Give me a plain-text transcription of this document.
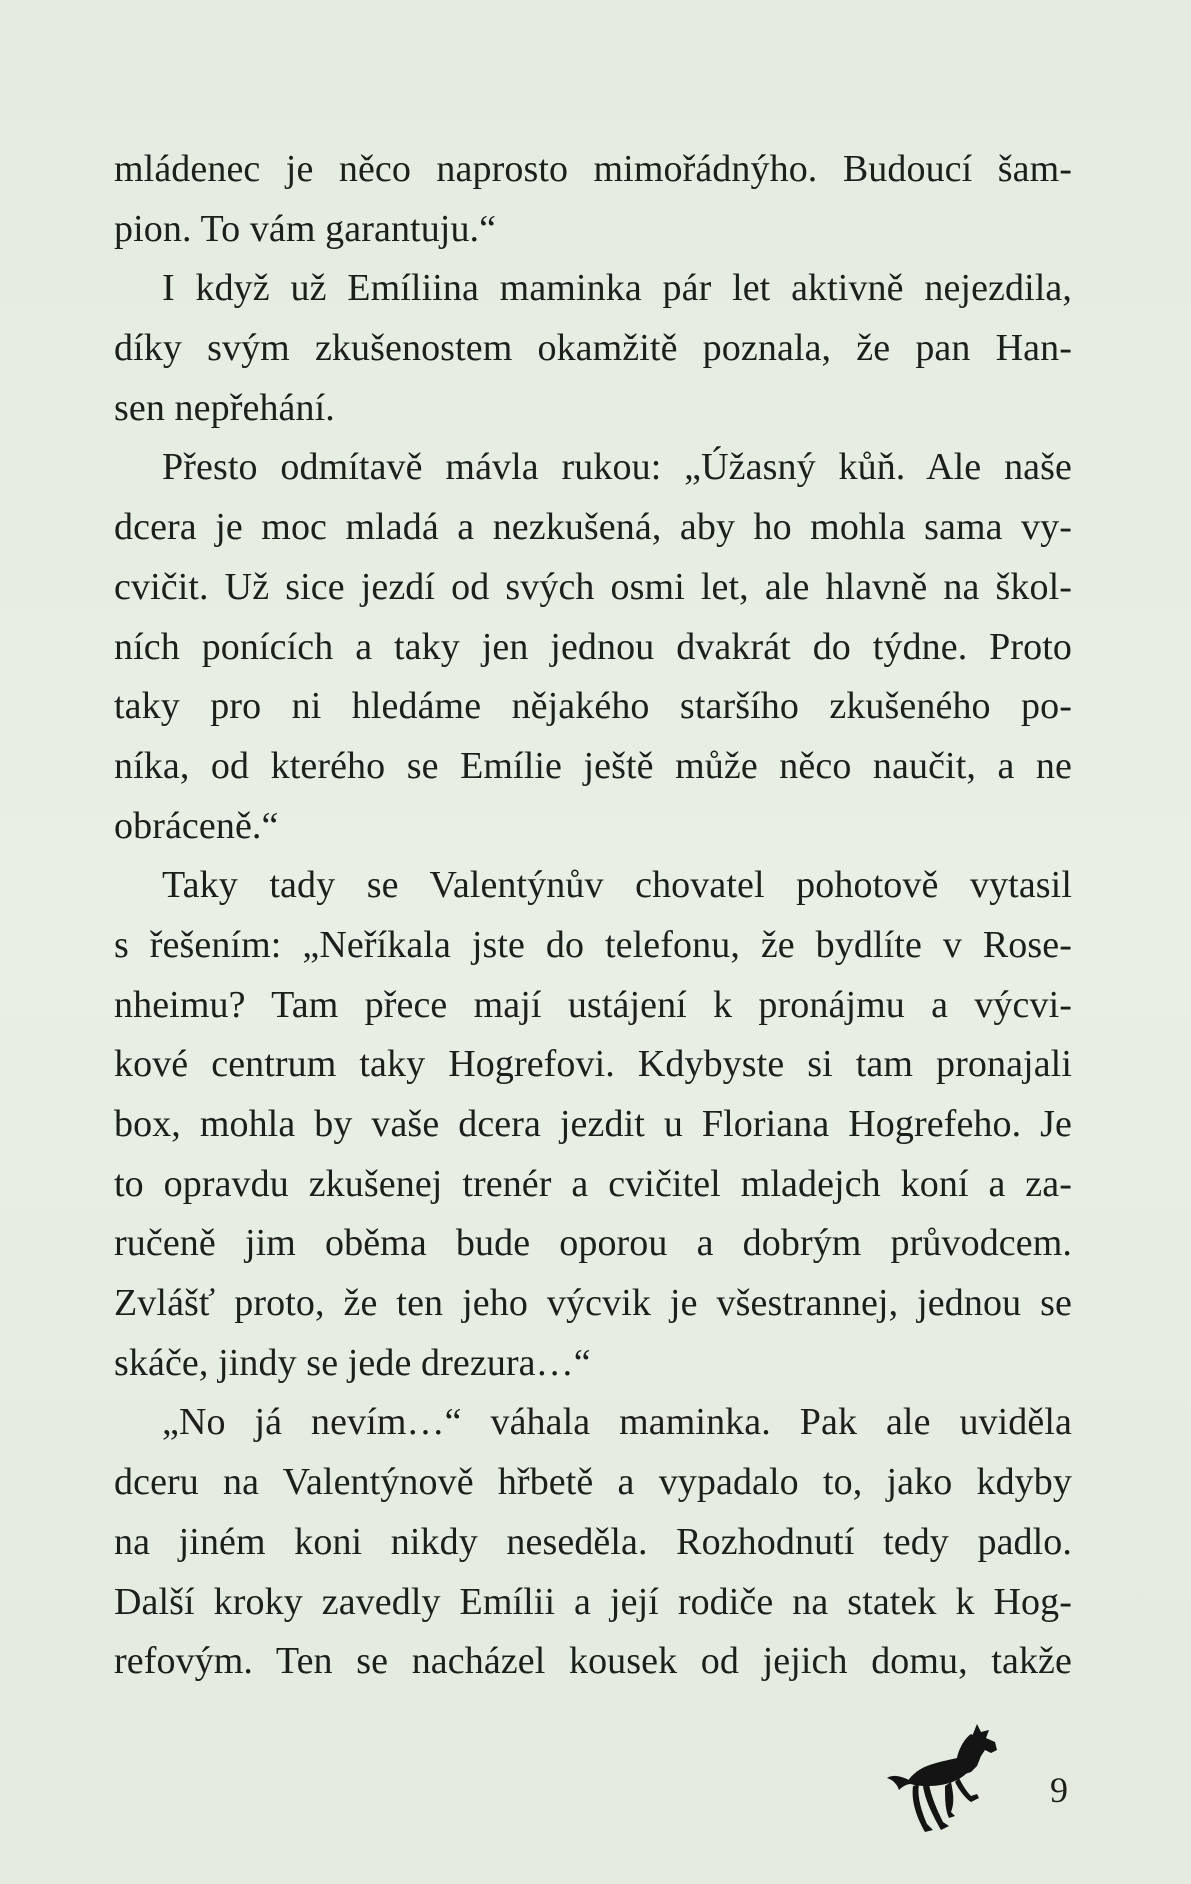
mládenec je něco naprosto mimořádnýho. Budoucí šam-
pion. To vám garantuju.“
I když už Emíliina maminka pár let aktivně nejezdila,
díky svým zkušenostem okamžitě poznala, že pan Han-
sen nepřehání.
Přesto odmítavě mávla rukou: „Úžasný kůň. Ale naše
dcera je moc mladá a nezkušená, aby ho mohla sama vy-
cvičit. Už sice jezdí od svých osmi let, ale hlavně na škol-
ních ponících a taky jen jednou dvakrát do týdne. Proto
taky pro ni hledáme nějakého staršího zkušeného po-
níka, od kterého se Emílie ještě může něco naučit, a ne
obráceně.“
Taky tady se Valentýnův chovatel pohotově vytasil
s řešením: „Neříkala jste do telefonu, že bydlíte v Rose-
nheimu? Tam přece mají ustájení k pronájmu a výcvi-
kové centrum taky Hogrefovi. Kdybyste si tam pronajali
box, mohla by vaše dcera jezdit u Floriana Hogrefeho. Je
to opravdu zkušenej trenér a cvičitel mladejch koní a za-
ručeně jim oběma bude oporou a dobrým průvodcem.
Zvlášť proto, že ten jeho výcvik je všestrannej, jednou se
skáče, jindy se jede drezura…“
„No já nevím…“ váhala maminka. Pak ale uviděla
dceru na Valentýnově hřbetě a vypadalo to, jako kdyby
na jiném koni nikdy neseděla. Rozhodnutí tedy padlo.
Další kroky zavedly Emílii a její rodiče na statek k Hog-
refovým. Ten se nacházel kousek od jejich domu, takže
9
